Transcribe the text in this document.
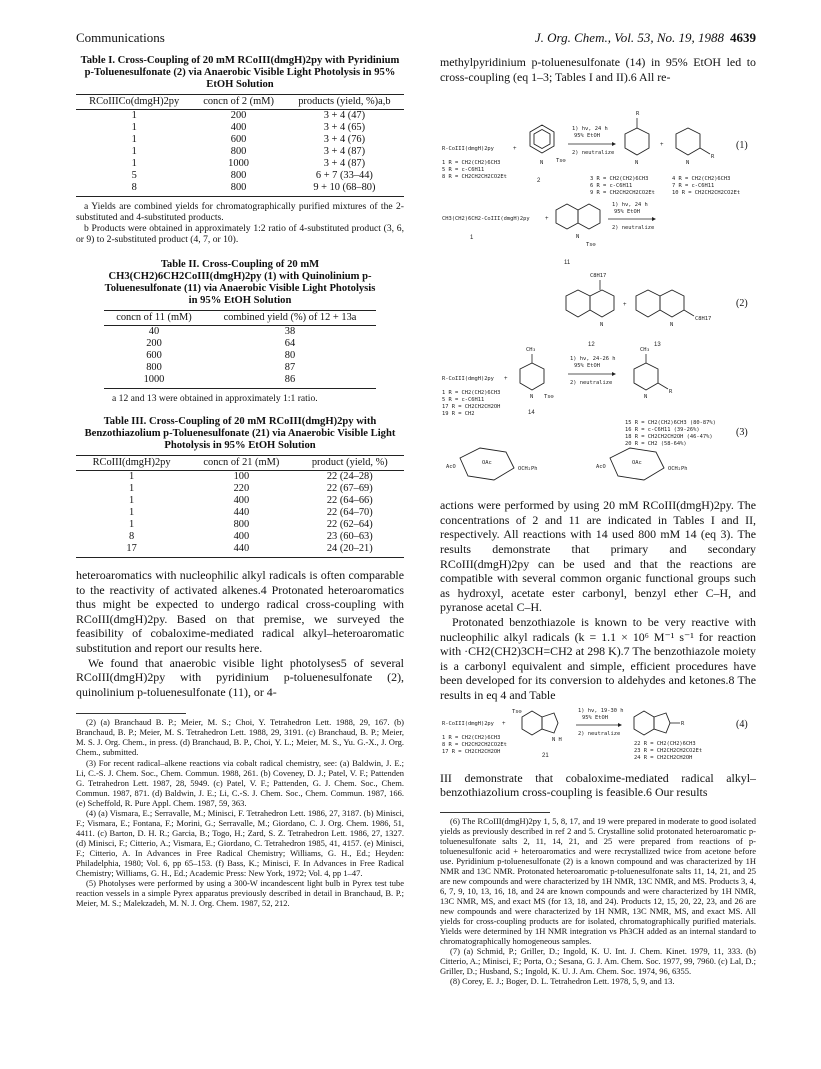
Communications	J. Org. Chem., Vol. 53, No. 19, 1988 4639
Table I. Cross-Coupling of 20 mM RCoIII(dmgH)2py with Pyridinium p-Toluenesulfonate (2) via Anaerobic Visible Light Photolysis in 95% EtOH Solution
RCoIIICo(dmgH)2py	concn of 2 (mM)	products (yield, %)a,b
1	200	3 + 4 (47)
1	400	3 + 4 (65)
1	600	3 + 4 (76)
1	800	3 + 4 (87)
1	1000	3 + 4 (87)
5	800	6 + 7 (33–44)
8	800	9 + 10 (68–80)

a Yields are combined yields for chromatographically purified mixtures of the 2-substituted and 4-substituted products.

b Products were obtained in approximately 1:2 ratio of 4-substituted product (3, 6, or 9) to 2-substituted product (4, 7, or 10).

Table II. Cross-Coupling of 20 mM CH3(CH2)6CH2CoIII(dmgH)2py (1) with Quinolinium p-Toluenesulfonate (11) via Anaerobic Visible Light Photolysis in 95% EtOH Solution
concn of 11 (mM)	combined yield (%) of 12 + 13a
40	38
200	64
600	80
800	87
1000	86

a 12 and 13 were obtained in approximately 1:1 ratio.

Table III. Cross-Coupling of 20 mM RCoIII(dmgH)2py with Benzothiazolium p-Toluenesulfonate (21) via Anaerobic Visible Light Photolysis in 95% EtOH Solution
RCoIII(dmgH)2py	concn of 21 (mM)	product (yield, %)
1	100	22 (24–28)
1	220	22 (67–69)
1	400	22 (64–66)
1	440	22 (64–70)
1	800	22 (62–64)
8	400	23 (60–63)
17	440	24 (20–21)

heteroaromatics with nucleophilic alkyl radicals is often comparable to the reactivity of activated alkenes.4 Protonated heteroaromatics thus might be expected to undergo radical cross-coupling with RCoIII(dmgH)2py. Based on that premise, we surveyed the feasibility of cobaloxime-mediated radical alkyl–heteroaromatic substitution and report our results here.

We found that anaerobic visible light photolyses5 of several RCoIII(dmgH)2py with pyridinium p-toluenesulfonate (2), quinolinium p-toluenesulfonate (11), or 4-

(2) (a) Branchaud B. P.; Meier, M. S.; Choi, Y. Tetrahedron Lett. 1988, 29, 167. (b) Branchaud, B. P.; Meier, M. S. Tetrahedron Lett. 1988, 29, 3191. (c) Branchaud, B. P.; Meier, M. S. J. Org. Chem., in press. (d) Branchaud, B. P., Choi, Y. L.; Meier, M. S., Yu. G.-X., J. Org. Chem., submitted.

(3) For recent radical–alkene reactions via cobalt radical chemistry, see: (a) Baldwin, J. E.; Li, C.-S. J. Chem. Soc., Chem. Commun. 1988, 261. (b) Coveney, D. J.; Patel, V. F.; Pattenden G. Tetrahedron Lett. 1987, 28, 5949. (c) Patel, V. F.; Pattenden, G. J. Chem. Soc., Chem. Commun. 1987, 871. (d) Baldwin, J. E.; Li, C.-S. J. Chem. Soc., Chem. Commun. 1987, 166. (e) Scheffold, R. Pure Appl. Chem. 1987, 59, 363.

(4) (a) Vismara, E.; Serravalle, M.; Minisci, F. Tetrahedron Lett. 1986, 27, 3187. (b) Minisci, F.; Vismara, E.; Fontana, F.; Morini, G.; Serravalle, M.; Giordano, C. J. Org. Chem. 1986, 51, 4411. (c) Barton, D. H. R.; Garcia, B.; Togo, H.; Zard, S. Z. Tetrahedron Lett. 1986, 27, 1327. (d) Minisci, F.; Citterio, A.; Vismara, E.; Giordano, C. Tetrahedron 1985, 41, 4157. (e) Minisci, F.; Citterio, A. In Advances in Free Radical Chemistry; Williams, G. H., Ed.; Heyden: Philadelphia, 1980; Vol. 6, pp 65–153. (f) Bass, K.; Minisci, F. In Advances in Free Radical Chemistry; Williams, G. H., Ed.; Academic Press: New York, 1972; Vol. 4, pp 1–47.

(5) Photolyses were performed by using a 300-W incandescent light bulb in Pyrex test tube reaction vessels in a simple Pyrex apparatus previously described in detail in Branchaud, B. P.; Meier, M. S.; Malekzadeh, M. N. J. Org. Chem. 1987, 52, 212.

methylpyridinium p-toluenesulfonate (14) in 95% EtOH led to cross-coupling (eq 1–3; Tables I and II).6 All re-

R-CoIII(dmgH)2py	+
N Ts⊖
2
1) hν, 24 h
95% EtOH
2) neutralize
1 R = CH2(CH2)6CH3
5 R = c-C6H11
8 R = CH2CH2CH2CO2Et
R
N
+
N
R
(1)
3 R = CH2(CH2)6CH3
6 R = c-C6H11
9 R = CH2CH2CH2CO2Et
4 R = CH2(CH2)6CH3
7 R = c-C6H11
10 R = CH2CH2CH2CO2Et
CH3(CH2)6CH2-CoIII(dmgH)2py
1
+
N
Ts⊖
11
1) hν, 24 h
95% EtOH
2) neutralize
C8H17
N
+
N
C8H17
(2)
12	13
CH₃
N Ts⊖
14
R-CoIII(dmgH)2py +
1 R = CH2(CH2)6CH3
5 R = c-C6H11
17 R = CH2CH2CH2OH
19 R = CH2
1) hν, 24-26 h
95% EtOH
2) neutralize
CH₃
N
R
15 R = CH2(CH2)6CH3 (80-87%)
16 R = c-C6H11 (39-26%)
18 R = CH2CH2CH2OH (46-47%)
20 R = CH2 (58-64%)
(3)
AcO
OAc
OCH₂Ph	AcO
OAc
OCH₂Ph

actions were performed by using 20 mM RCoIII(dmgH)2py. The concentrations of 2 and 11 are indicated in Tables I and II, respectively. All reactions with 14 used 800 mM 14 (eq 3). The results demonstrate that primary and secondary RCoIII(dmgH)2py can be used and that the reactions are compatible with several common organic functional groups such as hydroxyl, acetate ester carbonyl, benzyl ether C–H, and pyranose acetal C–H.

Protonated benzothiazole is known to be very reactive with nucleophilic alkyl radicals (k = 1.1 × 10⁶ M⁻¹ s⁻¹ for reaction with ·CH2(CH2)3CH=CH2 at 298 K).7 The benzothiazole moiety is a carbonyl equivalent and simple, efficient procedures have been developed for its conversion to aldehydes and ketones.8 The results in eq 4 and Table

R-CoIII(dmgH)2py +
Ts⊖
N H
21
1 R = CH2(CH2)6CH3
8 R = CH2CH2CH2CO2Et
17 R = CH2CH2CH2OH
1) hν, 19-30 h
95% EtOH
2) neutralize
R	(4)
22 R = CH2(CH2)6CH3
23 R = CH2CH2CH2CO2Et
24 R = CH2CH2CH2OH

III demonstrate that cobaloxime-mediated radical alkyl–benzothiazolium cross-coupling is feasible.6 Our results

(6) The RCoIII(dmgH)2py 1, 5, 8, 17, and 19 were prepared in moderate to good isolated yields as previously described in ref 2 and 5. Crystalline solid protonated heteroaromatic p-toluenesulfonate salts 2, 11, 14, 21, and 25 were prepared from reactions of p-toluenesulfonic acid + heteroaromatics and were recrystallized twice from acetone before use. Pyridinium p-toluenesulfonate (2) is a known compound and was characterized by 1H NMR and 13C NMR. Protonated heteroaromatic p-toluenesulfonate salts 11, 14, 21, and 25 are new compounds and were characterized by 1H NMR, 13C NMR, and MS. Products 3, 4, 6, 7, 9, 10, 13, 16, 18, and 24 are known compounds and were characterized by 1H NMR, 13C NMR, MS, and exact MS (for 13, 18, and 24). Products 12, 15, 20, 22, 23, and 26 are new compounds and were characterized by 1H NMR, 13C NMR, MS, and exact MS. All yields for cross-coupling products are for isolated, chromatographically purified materials. Yields were determined by 1H NMR integration vs Ph3CH added as an internal standard to chromatographically homogeneous samples.

(7) (a) Schmid, P.; Griller, D.; Ingold, K. U. Int. J. Chem. Kinet. 1979, 11, 333. (b) Citterio, A.; Minisci, F.; Porta, O.; Sesana, G. J. Am. Chem. Soc. 1977, 99, 7960. (c) Lal, D.; Griller, D.; Husband, S.; Ingold, K. U. J. Am. Chem. Soc. 1974, 96, 6355.

(8) Corey, E. J.; Boger, D. L. Tetrahedron Lett. 1978, 5, 9, and 13.
